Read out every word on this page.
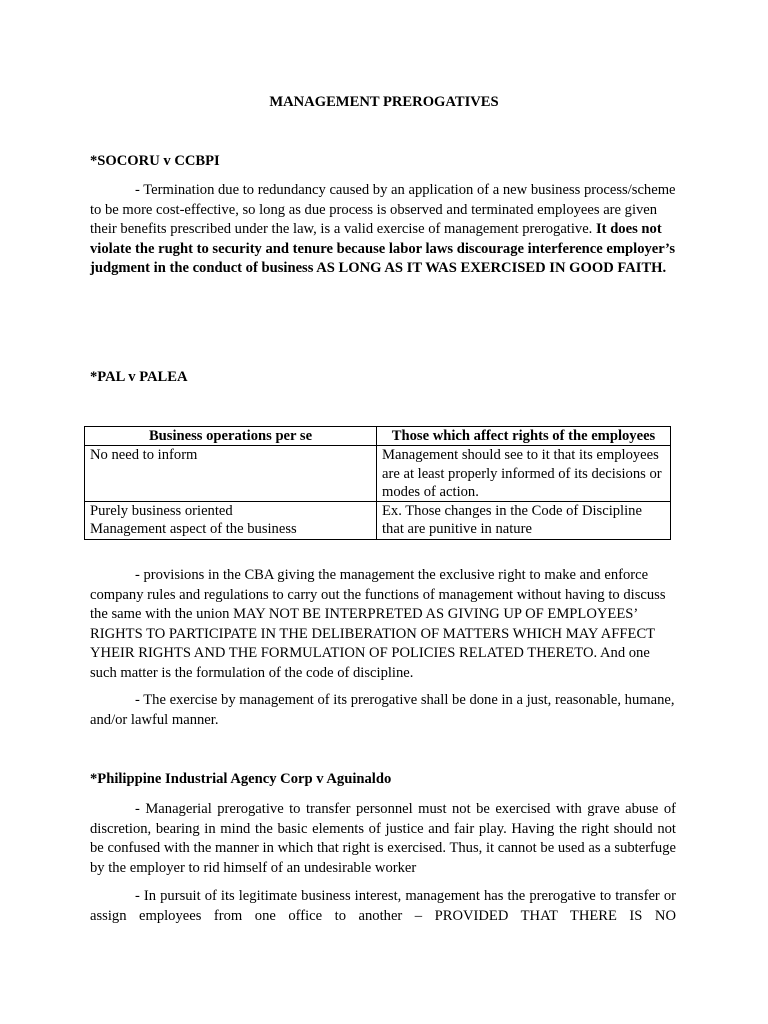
MANAGEMENT PREROGATIVES
*SOCORU v CCBPI
- Termination due to redundancy caused by an application of a new business process/scheme to be more cost-effective, so long as due process is observed and terminated employees are given their benefits prescribed under the law, is a valid exercise of management prerogative. It does not violate the rught to security and tenure because labor laws discourage interference employer’s judgment in the conduct of business AS LONG AS IT WAS EXERCISED IN GOOD FAITH.
*PAL v PALEA
Business operations per se	Those which affect rights of the employees

No need to inform	Management should see to it that its employees are at least properly informed of its decisions or modes of action.

Purely business oriented
Management aspect of the business	Ex. Those changes in the Code of Discipline that are punitive in nature
- provisions in the CBA giving the management the exclusive right to make and enforce company rules and regulations to carry out the functions of management without having to discuss the same with the union MAY NOT BE INTERPRETED AS GIVING UP OF EMPLOYEES’ RIGHTS TO PARTICIPATE IN THE DELIBERATION OF MATTERS WHICH MAY AFFECT YHEIR RIGHTS AND THE FORMULATION OF POLICIES RELATED THERETO. And one such matter is the formulation of the code of discipline.
- The exercise by management of its prerogative shall be done in a just, reasonable, humane, and/or lawful manner.
*Philippine Industrial Agency Corp v Aguinaldo
- Managerial prerogative to transfer personnel must not be exercised with grave abuse of discretion, bearing in mind the basic elements of justice and fair play. Having the right should not be confused with the manner in which that right is exercised. Thus, it cannot be used as a subterfuge by the employer to rid himself of an undesirable worker
- In pursuit of its legitimate business interest, management has the prerogative to transfer or assign employees from one office to another – PROVIDED THAT THERE IS NO
